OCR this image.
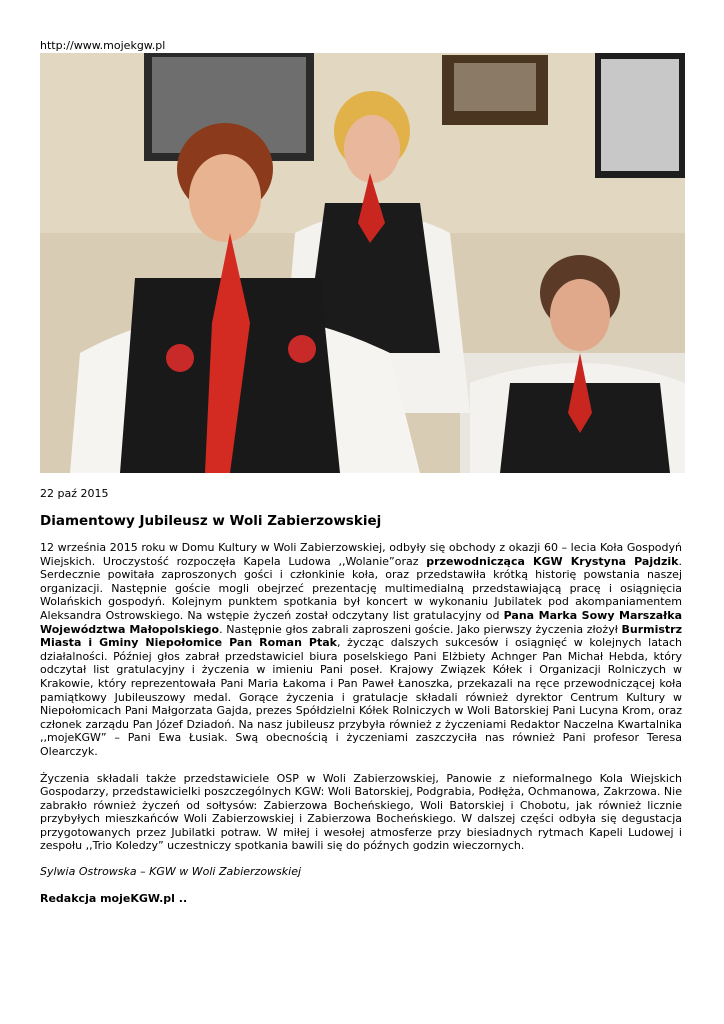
http://www.mojekgw.pl
22 paź 2015
Diamentowy Jubileusz w Woli Zabierzowskiej

12 września 2015 roku w Domu Kultury w Woli Zabierzowskiej, odbyły się obchody z okazji 60 – lecia Koła Gospodyń Wiejskich. Uroczystość rozpoczęła Kapela Ludowa ,,Wolanie”oraz przewodnicząca KGW Krystyna Pajdzik. Serdecznie powitała zaproszonych gości i członkinie koła, oraz przedstawiła krótką historię powstania naszej organizacji. Następnie goście mogli obejrzeć prezentację multimedialną przedstawiającą pracę i osiągnięcia Wolańskich gospodyń. Kolejnym punktem spotkania był koncert w wykonaniu Jubilatek pod akompaniamentem Aleksandra Ostrowskiego. Na wstępie życzeń został odczytany list gratulacyjny od Pana Marka Sowy Marszałka Województwa Małopolskiego. Następnie głos zabrali zaproszeni goście. Jako pierwszy życzenia złożył Burmistrz Miasta i Gminy Niepołomice Pan Roman Ptak, życząc dalszych sukcesów i osiągnięć w kolejnych latach działalności. Później głos zabrał przedstawiciel biura poselskiego Pani Elżbiety Achnger Pan Michał Hebda, który odczytał list gratulacyjny i życzenia w imieniu Pani poseł. Krajowy Związek Kółek i Organizacji Rolniczych w Krakowie, który reprezentowała Pani Maria Łakoma i Pan Paweł Łanoszka, przekazali na ręce przewodniczącej koła pamiątkowy Jubileuszowy medal. Gorące życzenia i gratulacje składali również dyrektor Centrum Kultury w Niepołomicach Pani Małgorzata Gajda, prezes Spółdzielni Kółek Rolniczych w Woli Batorskiej Pani Lucyna Krom, oraz członek zarządu Pan Józef Dziadoń. Na nasz jubileusz przybyła również z życzeniami Redaktor Naczelna Kwartalnika ,,mojeKGW” – Pani Ewa Łusiak. Swą obecnością i życzeniami zaszczyciła nas również Pani profesor Teresa Olearczyk.

Życzenia składali także przedstawiciele OSP w Woli Zabierzowskiej, Panowie z nieformalnego Kola Wiejskich Gospodarzy, przedstawicielki poszczególnych KGW: Woli Batorskiej, Podgrabia, Podłęża, Ochmanowa, Zakrzowa. Nie zabrakło również życzeń od sołtysów: Zabierzowa Bocheńskiego, Woli Batorskiej i Chobotu, jak również licznie przybyłych mieszkańców Woli Zabierzowskiej i Zabierzowa Bocheńskiego. W dalszej części odbyła się degustacja przygotowanych przez Jubilatki potraw. W miłej i wesołej atmosferze przy biesiadnych rytmach Kapeli Ludowej i zespołu ,,Trio Koledzy” uczestniczy spotkania bawili się do późnych godzin wieczornych.

Sylwia Ostrowska – KGW w Woli Zabierzowskiej

Redakcja mojeKGW.pl ..
